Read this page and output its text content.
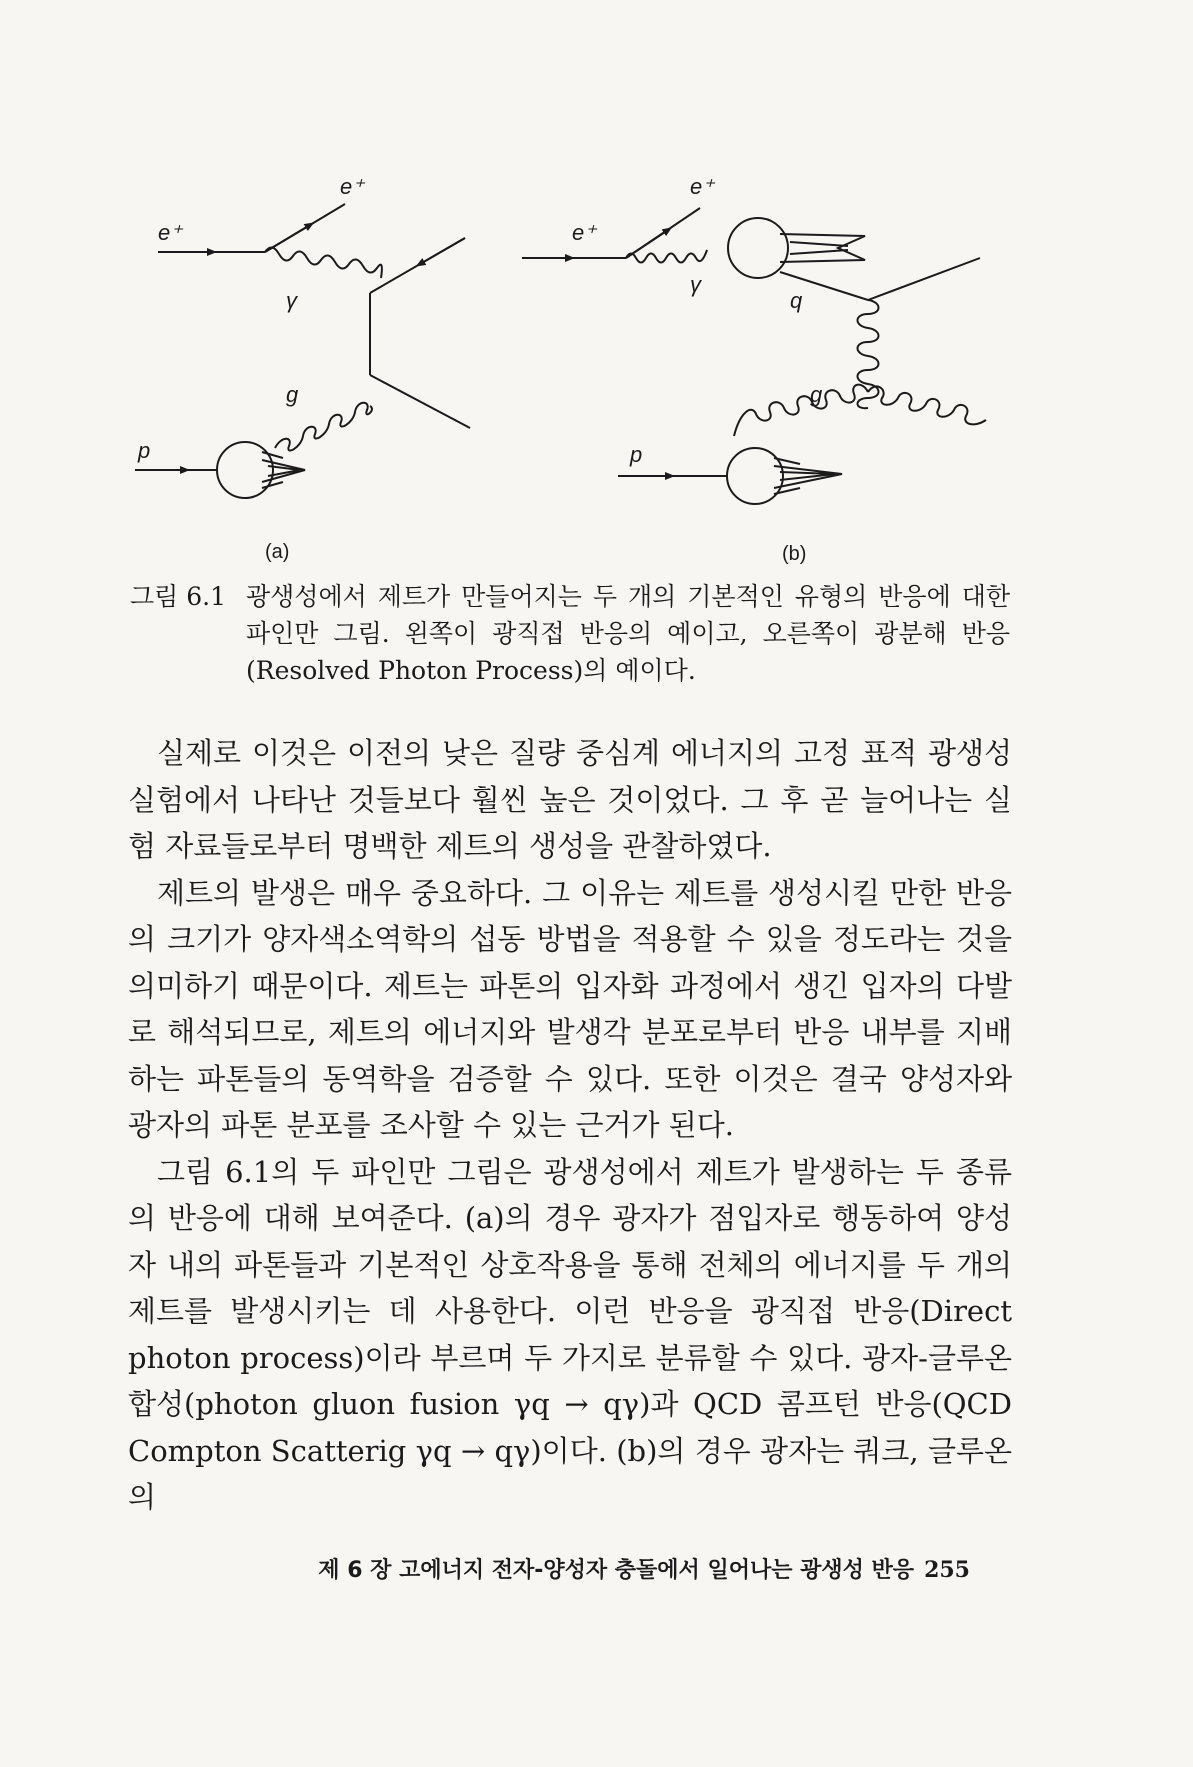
e⁺
e⁺
γ
g
p
e⁺
e⁺
γ
q
g
p
(a)	(b)
그림 6.1 광생성에서 제트가 만들어지는 두 개의 기본적인 유형의 반응에 대한 파인만 그림. 왼쪽이 광직접 반응의 예이고, 오른쪽이 광분해 반응(Resolved Photon Process)의 예이다.

실제로 이것은 이전의 낮은 질량 중심계 에너지의 고정 표적 광생성 실험에서 나타난 것들보다 훨씬 높은 것이었다. 그 후 곧 늘어나는 실험 자료들로부터 명백한 제트의 생성을 관찰하였다.

제트의 발생은 매우 중요하다. 그 이유는 제트를 생성시킬 만한 반응의 크기가 양자색소역학의 섭동 방법을 적용할 수 있을 정도라는 것을 의미하기 때문이다. 제트는 파톤의 입자화 과정에서 생긴 입자의 다발로 해석되므로, 제트의 에너지와 발생각 분포로부터 반응 내부를 지배하는 파톤들의 동역학을 검증할 수 있다. 또한 이것은 결국 양성자와 광자의 파톤 분포를 조사할 수 있는 근거가 된다.

그림 6.1의 두 파인만 그림은 광생성에서 제트가 발생하는 두 종류의 반응에 대해 보여준다. (a)의 경우 광자가 점입자로 행동하여 양성자 내의 파톤들과 기본적인 상호작용을 통해 전체의 에너지를 두 개의 제트를 발생시키는 데 사용한다. 이런 반응을 광직접 반응(Direct photon process)이라 부르며 두 가지로 분류할 수 있다. 광자-글루온 합성(photon gluon fusion γq → qγ)과 QCD 콤프턴 반응(QCD Compton Scatterig γq → qγ)이다. (b)의 경우 광자는 쿼크, 글루온의

제 6 장 고에너지 전자-양성자 충돌에서 일어나는 광생성 반응 255
